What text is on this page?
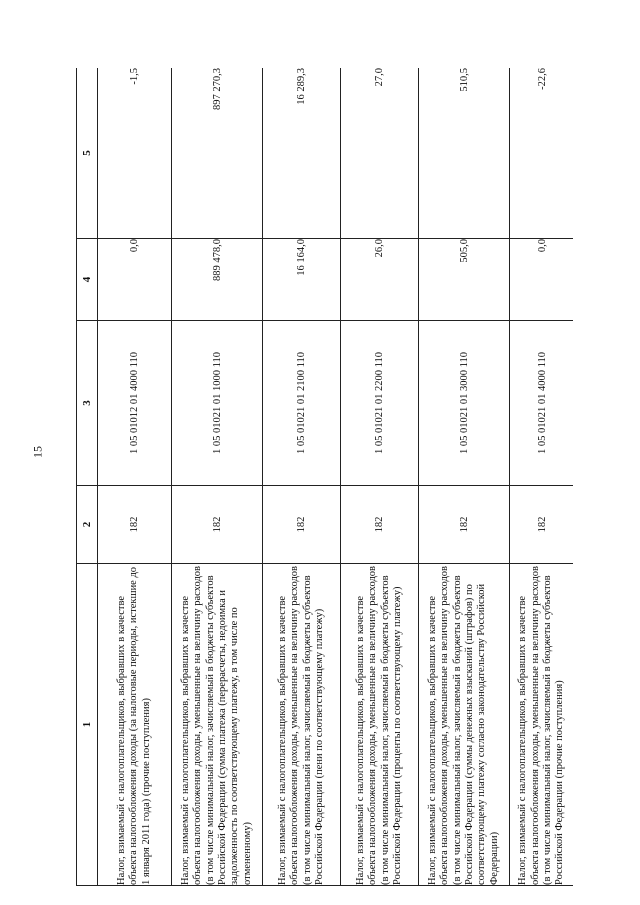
15
1	2	3	4	5
Налог, взимаемый с налогоплательщиков, выбравших в качестве объекта налогообложения доходы (за налоговые периоды, истекшие до 1 января 2011 года) (прочие поступления)	182	1 05 01012 01 4000 110	0,0	-1,5
Налог, взимаемый с налогоплательщиков, выбравших в качестве объекта налогообложения доходы, уменьшенные на величину расходов (в том числе минимальный налог, зачисляемый в бюджеты субъектов Российской Федерации (сумма платежа (перерасчеты, недоимка и задолженность по соответствующему платежу, в том числе по отмененному)	182	1 05 01021 01 1000 110	889 478,0	897 270,3
Налог, взимаемый с налогоплательщиков, выбравших в качестве объекта налогообложения доходы, уменьшенные на величину расходов (в том числе минимальный налог, зачисляемый в бюджеты субъектов Российской Федерации (пени по соответствующему платежу)	182	1 05 01021 01 2100 110	16 164,0	16 289,3
Налог, взимаемый с налогоплательщиков, выбравших в качестве объекта налогообложения доходы, уменьшенные на величину расходов (в том числе минимальный налог, зачисляемый в бюджеты субъектов Российской Федерации (проценты по соответствующему платежу)	182	1 05 01021 01 2200 110	26,0	27,0
Налог, взимаемый с налогоплательщиков, выбравших в качестве объекта налогообложения доходы, уменьшенные на величину расходов (в том числе минимальный налог, зачисляемый в бюджеты субъектов Российской Федерации (суммы денежных взысканий (штрафов) по соответствующему платежу согласно законодательству Российской Федерации)	182	1 05 01021 01 3000 110	505,0	510,5
Налог, взимаемый с налогоплательщиков, выбравших в качестве объекта налогообложения доходы, уменьшенные на величину расходов (в том числе минимальный налог, зачисляемый в бюджеты субъектов Российской Федерации (прочие поступления)	182	1 05 01021 01 4000 110	0,0	-22,6
